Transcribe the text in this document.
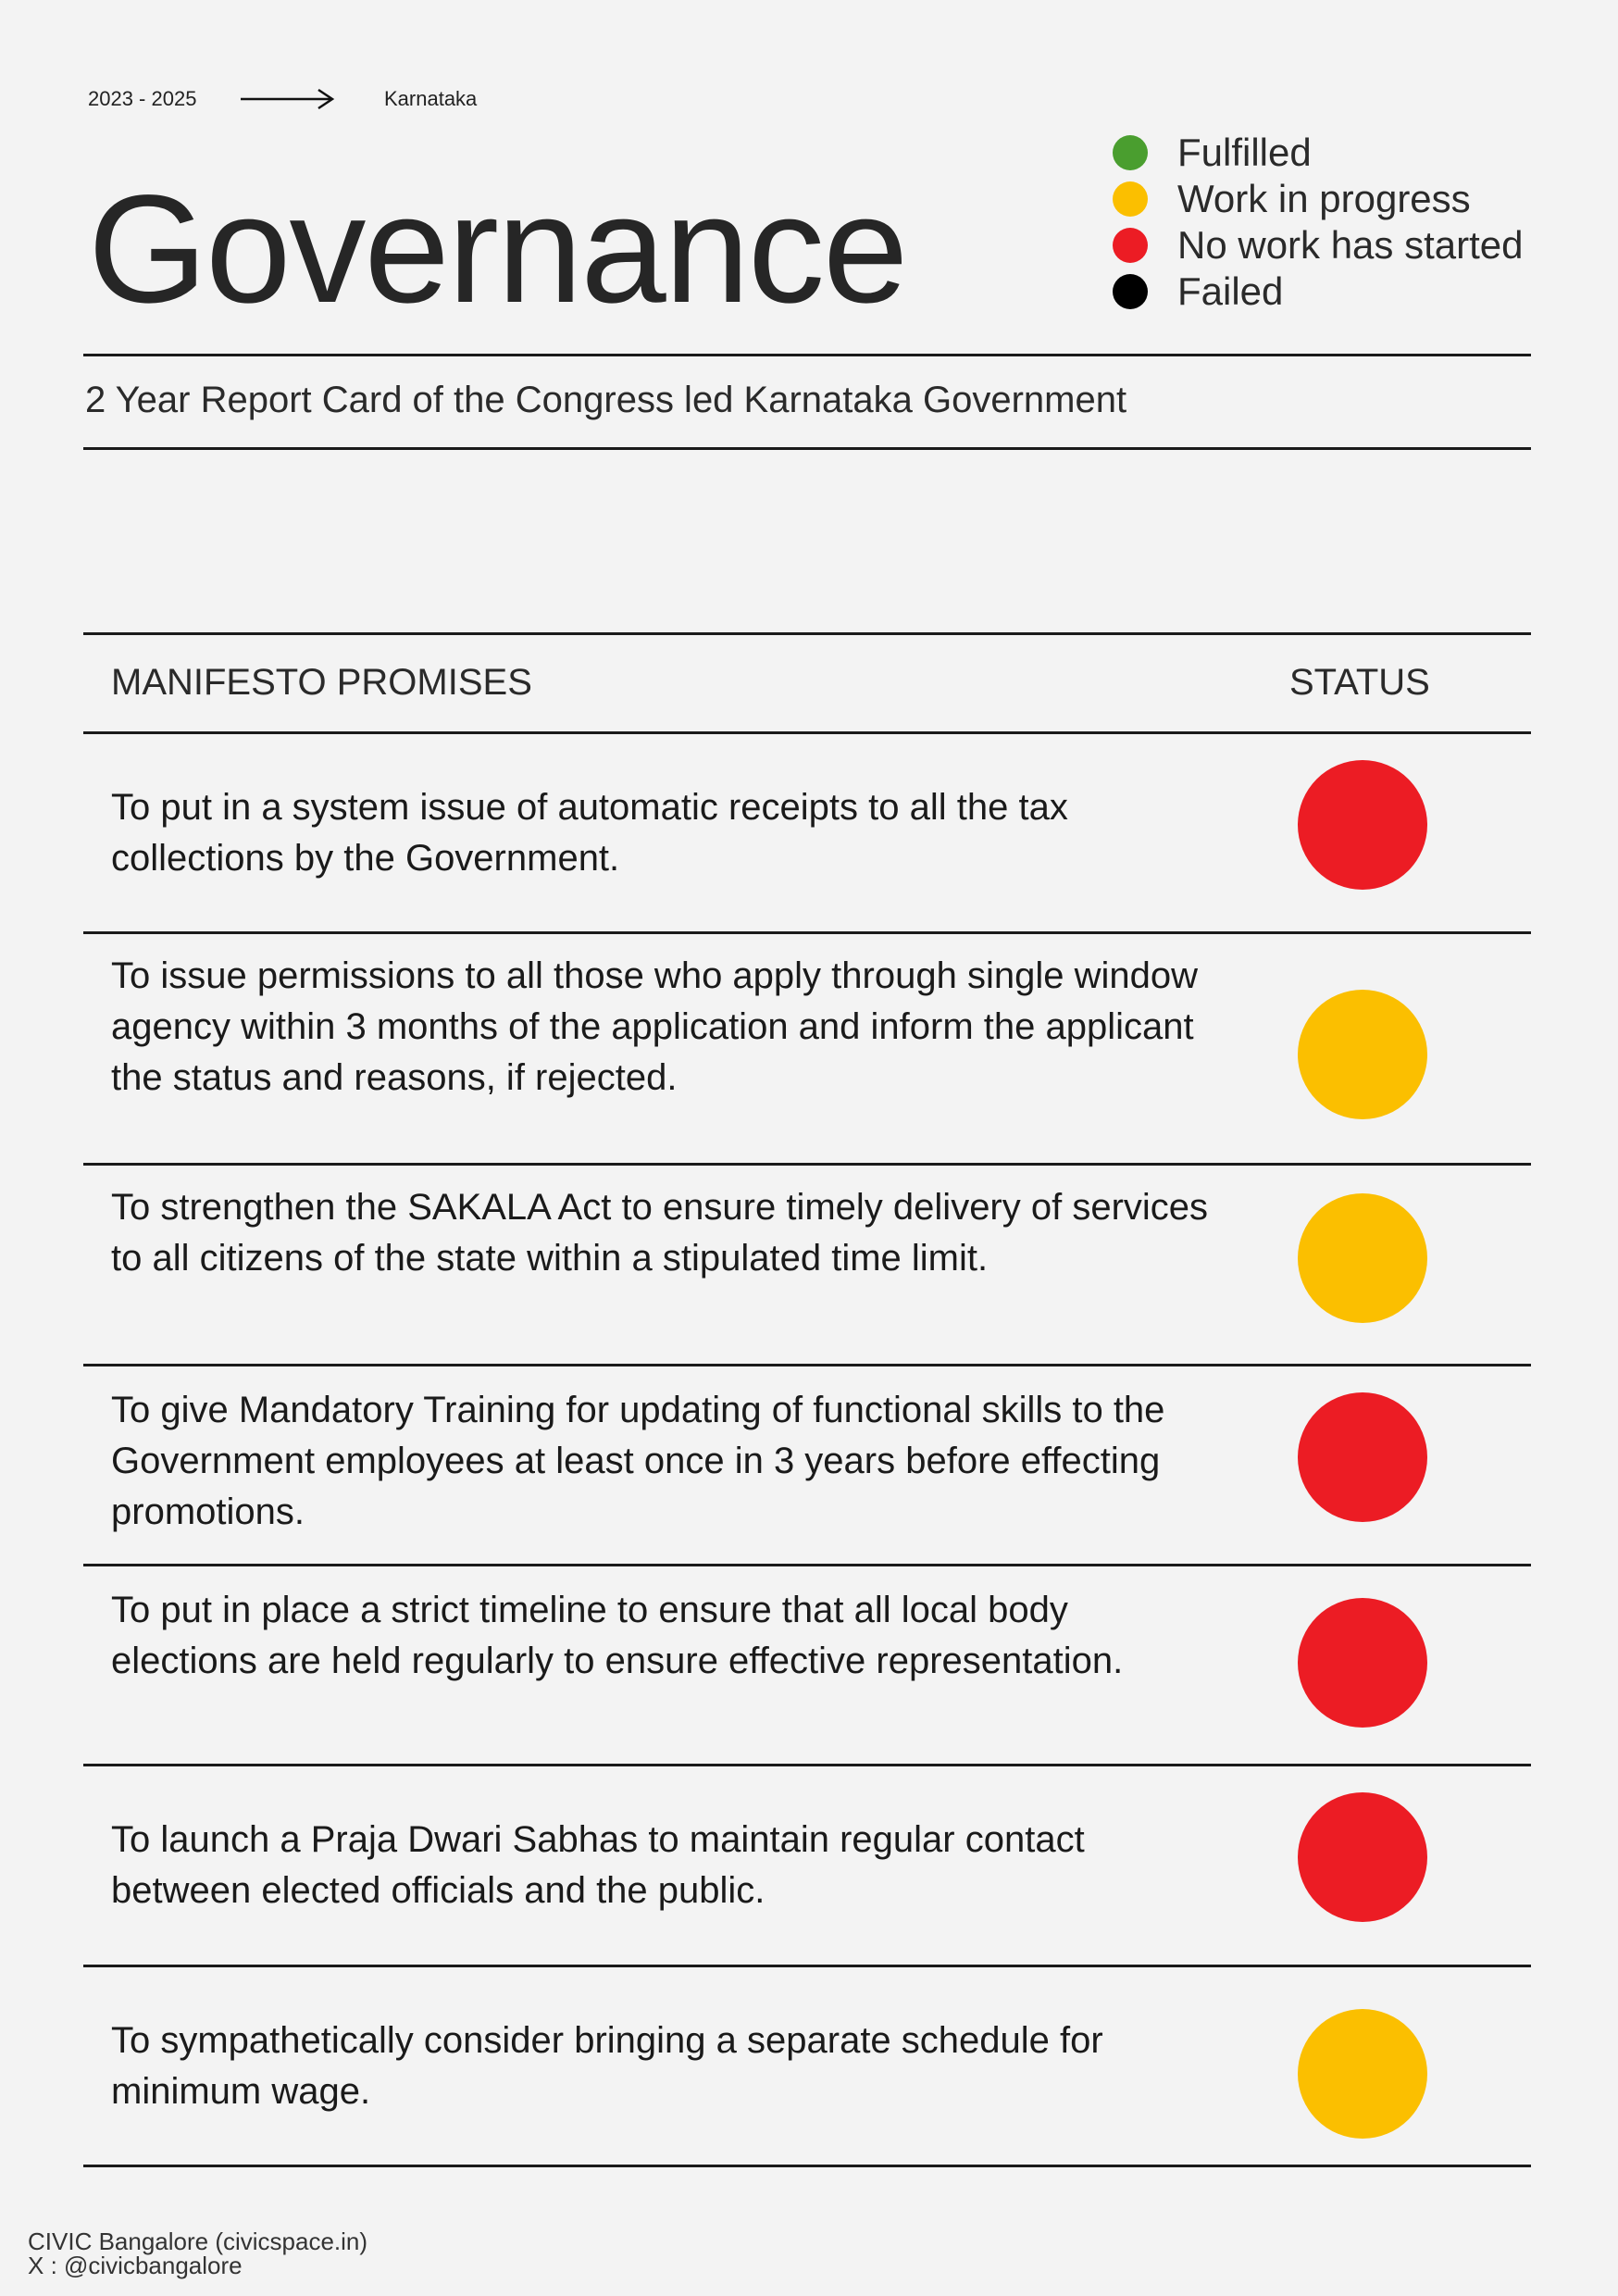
2023 - 2025	Karnataka
Governance
Fulfilled
Work in progress
No work has started
Failed
2 Year Report Card of the Congress led Karnataka Government
MANIFESTO PROMISES	STATUS
To put in a system issue of automatic receipts to all the tax collections by the Government.
To issue permissions to all those who apply through single window agency within 3 months of the application and inform the applicant the status and reasons, if rejected.
To strengthen the SAKALA Act to ensure timely delivery of services to all citizens of the state within a stipulated time limit.
To give Mandatory Training for updating of functional skills to the Government employees at least once in 3 years before effecting promotions.
To put in place a strict timeline to ensure that all local body elections are held regularly to ensure effective representation.
To launch a Praja Dwari Sabhas to maintain regular contact between elected officials and the public.
To sympathetically consider bringing a separate schedule for minimum wage.
CIVIC Bangalore (civicspace.in)
X : @civicbangalore
